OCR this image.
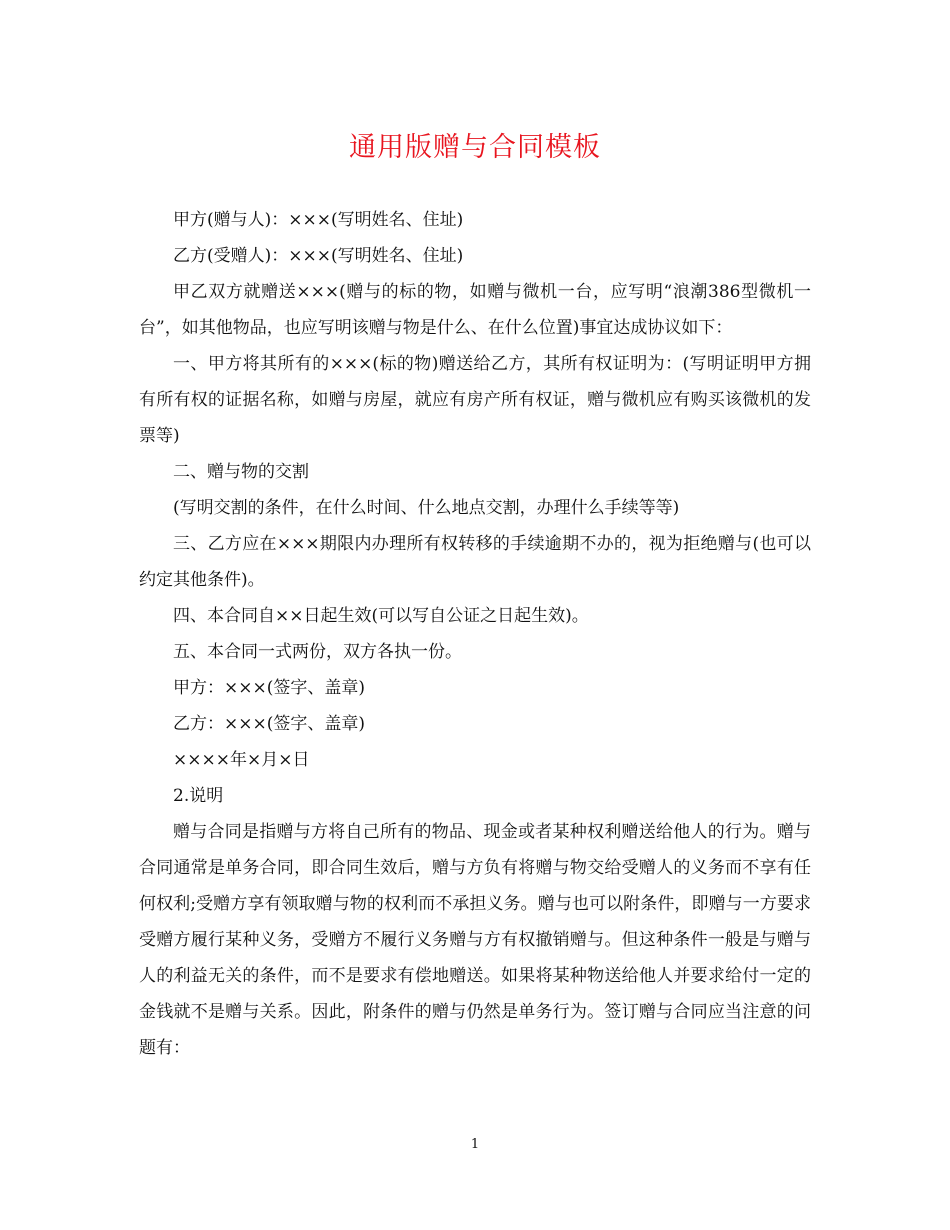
通用版赠与合同模板

甲方(赠与人)：×××(写明姓名、住址)

乙方(受赠人)：×××(写明姓名、住址)

甲乙双方就赠送×××(赠与的标的物，如赠与微机一台，应写明“浪潮386型微机一台”，如其他物品，也应写明该赠与物是什么、在什么位置)事宜达成协议如下：

一、甲方将其所有的×××(标的物)赠送给乙方，其所有权证明为：(写明证明甲方拥有所有权的证据名称，如赠与房屋，就应有房产所有权证，赠与微机应有购买该微机的发票等)

二、赠与物的交割

(写明交割的条件，在什么时间、什么地点交割，办理什么手续等等)

三、乙方应在×××期限内办理所有权转移的手续逾期不办的，视为拒绝赠与(也可以约定其他条件)。

四、本合同自××日起生效(可以写自公证之日起生效)。

五、本合同一式两份，双方各执一份。

甲方：×××(签字、盖章)

乙方：×××(签字、盖章)

××××年×月×日

2.说明

赠与合同是指赠与方将自己所有的物品、现金或者某种权利赠送给他人的行为。赠与合同通常是单务合同，即合同生效后，赠与方负有将赠与物交给受赠人的义务而不享有任何权利;受赠方享有领取赠与物的权利而不承担义务。赠与也可以附条件，即赠与一方要求受赠方履行某种义务，受赠方不履行义务赠与方有权撤销赠与。但这种条件一般是与赠与人的利益无关的条件，而不是要求有偿地赠送。如果将某种物送给他人并要求给付一定的金钱就不是赠与关系。因此，附条件的赠与仍然是单务行为。签订赠与合同应当注意的问题有：

1
